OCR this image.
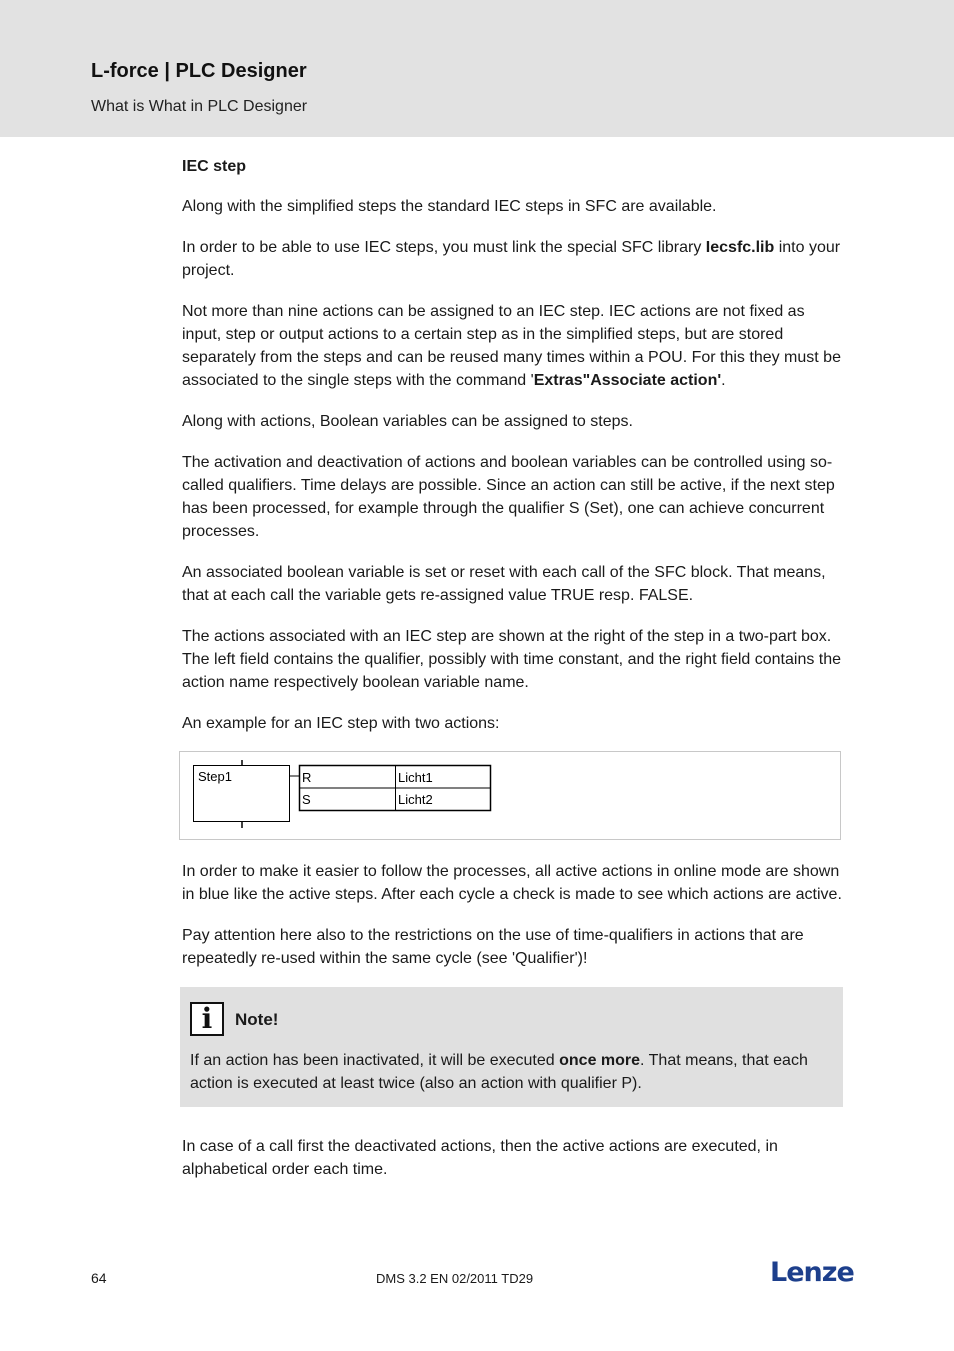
L-force | PLC Designer
What is What in PLC Designer
IEC step

Along with the simplified steps the standard IEC steps in SFC are available.

In order to be able to use IEC steps, you must link the special SFC library Iecsfc.lib into your project.

Not more than nine actions can be assigned to an IEC step. IEC actions are not fixed as input, step or output actions to a certain step as in the simplified steps, but are stored separately from the steps and can be reused many times within a POU. For this they must be associated to the single steps with the command 'Extras"Associate action'.

Along with actions, Boolean variables can be assigned to steps.

The activation and deactivation of actions and boolean variables can be controlled using so-called qualifiers. Time delays are possible. Since an action can still be active, if the next step has been processed, for example through the qualifier S (Set), one can achieve concurrent processes.

An associated boolean variable is set or reset with each call of the SFC block. That means, that at each call the variable gets re-assigned value TRUE resp. FALSE.

The actions associated with an IEC step are shown at the right of the step in a two-part box. The left field contains the qualifier, possibly with time constant, and the right field contains the action name respectively boolean variable name.

An example for an IEC step with two actions:

Step1	R	Licht1
S	Licht2

In order to make it easier to follow the processes, all active actions in online mode are shown in blue like the active steps. After each cycle a check is made to see which actions are active.

Pay attention here also to the restrictions on the use of time-qualifiers in actions that are repeatedly re-used within the same cycle (see 'Qualifier')!

i	Note!

If an action has been inactivated, it will be executed once more. That means, that each action is executed at least twice (also an action with qualifier P).

In case of a call first the deactivated actions, then the active actions are executed, in alphabetical order each time.

64	DMS 3.2 EN 02/2011 TD29	Lenze
